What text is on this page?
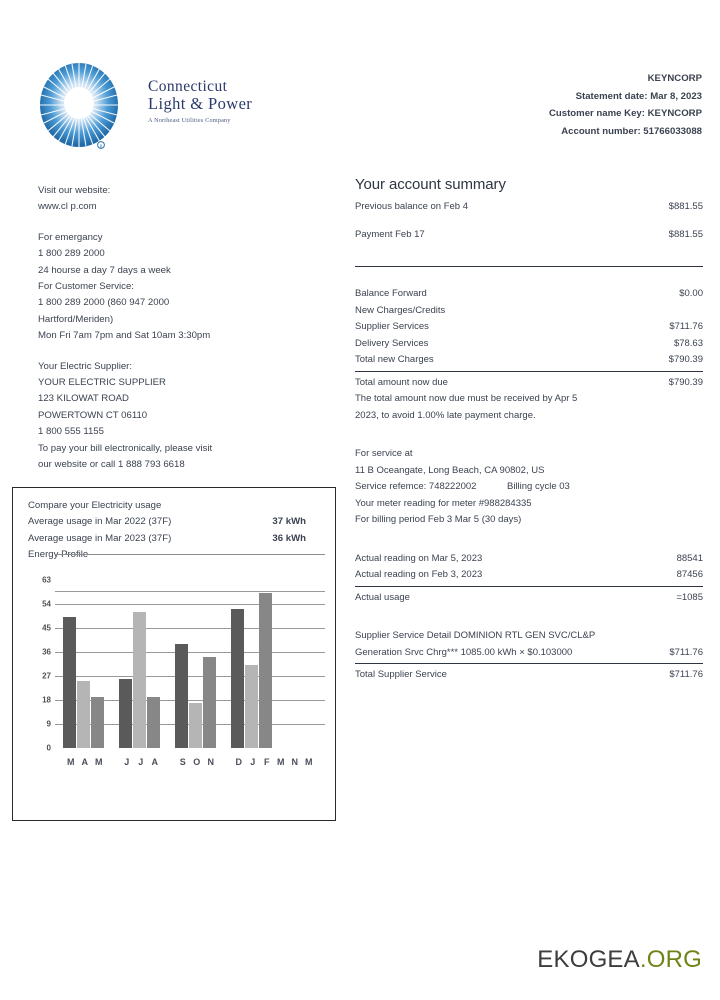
R
Connecticut
Light & Power
A Northeast Utilities Company
KEYNCORP
Statement date: Mar 8, 2023
Customer name Key: KEYNCORP
Account number: 51766033088
Visit our website:
www.cl p.com
For emergancy
1 800 289 2000
24 hourse a day 7 days a week
For Customer Service:
1 800 289 2000 (860 947 2000
Hartford/Meriden)
Mon Fri 7am 7pm and Sat 10am 3:30pm
Your Electric Supplier:
YOUR ELECTRIC SUPPLIER
123 KILOWAT ROAD
POWERTOWN CT 06110
1 800 555 1155
To pay your bill electronically, please visit
our website or call 1 888 793 6618
Your account summary
Previous balance on Feb 4	$881.55
Payment Feb 17	$881.55
Balance Forward	$0.00
New Charges/Credits
Supplier Services	$711.76
Delivery Services	$78.63
Total new Charges	$790.39
Total amount now due	$790.39
The total amount now due must be received by Apr 5
2023, to avoid 1.00% late payment charge.
For service at
11 B Oceangate, Long Beach, CA 90802, US
Service refemce: 748222002	Billing cycle 03
Your meter reading for meter #988284335
For billing period Feb 3 Mar 5 (30 days)
Actual reading on Mar 5, 2023	88541
Actual reading on Feb 3, 2023	87456
Actual usage	=1085
Supplier Service Detail DOMINION RTL GEN SVC/CL&P
Generation Srvc Chrg*** 1085.00 kWh × $0.103000	$711.76
Total Supplier Service	$711.76
Compare your Electricity usage
Average usage in Mar 2022 (37F)	37 kWh
Average usage in Mar 2023 (37F)	36 kWh
Energy Profile
0
9
18
27
36
45
54
63
M A M J J A S O N D J F M N M
EKOGEA.ORG
